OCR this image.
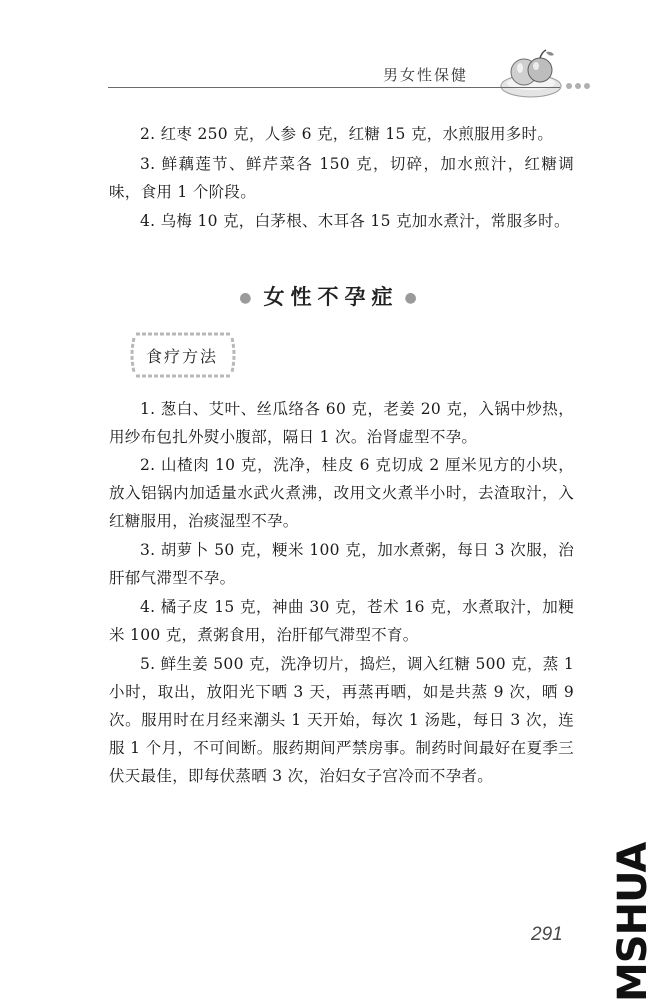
男女性保健

2. 红枣 250 克，人参 6 克，红糖 15 克，水煎服用多时。

3. 鲜藕莲节、鲜芹菜各 150 克，切碎，加水煎汁，红糖调味，食用 1 个阶段。

4. 乌梅 10 克，白茅根、木耳各 15 克加水煮汁，常服多时。

● 女性不孕症 ●
食疗方法

1. 葱白、艾叶、丝瓜络各 60 克，老姜 20 克，入锅中炒热，用纱布包扎外熨小腹部，隔日 1 次。治肾虚型不孕。

2. 山楂肉 10 克，洗净，桂皮 6 克切成 2 厘米见方的小块，放入铝锅内加适量水武火煮沸，改用文火煮半小时，去渣取汁，入红糖服用，治痰湿型不孕。

3. 胡萝卜 50 克，粳米 100 克，加水煮粥，每日 3 次服，治肝郁气滞型不孕。

4. 橘子皮 15 克，神曲 30 克，苍术 16 克，水煮取汁，加粳米 100 克，煮粥食用，治肝郁气滞型不育。

5. 鲜生姜 500 克，洗净切片，捣烂，调入红糖 500 克，蒸 1 小时，取出，放阳光下晒 3 天，再蒸再晒，如是共蒸 9 次，晒 9 次。服用时在月经来潮头 1 天开始，每次 1 汤匙，每日 3 次，连服 1 个月，不可间断。服药期间严禁房事。制药时间最好在夏季三伏天最佳，即每伏蒸晒 3 次，治妇女子宫冷而不孕者。

291 MSHUA
